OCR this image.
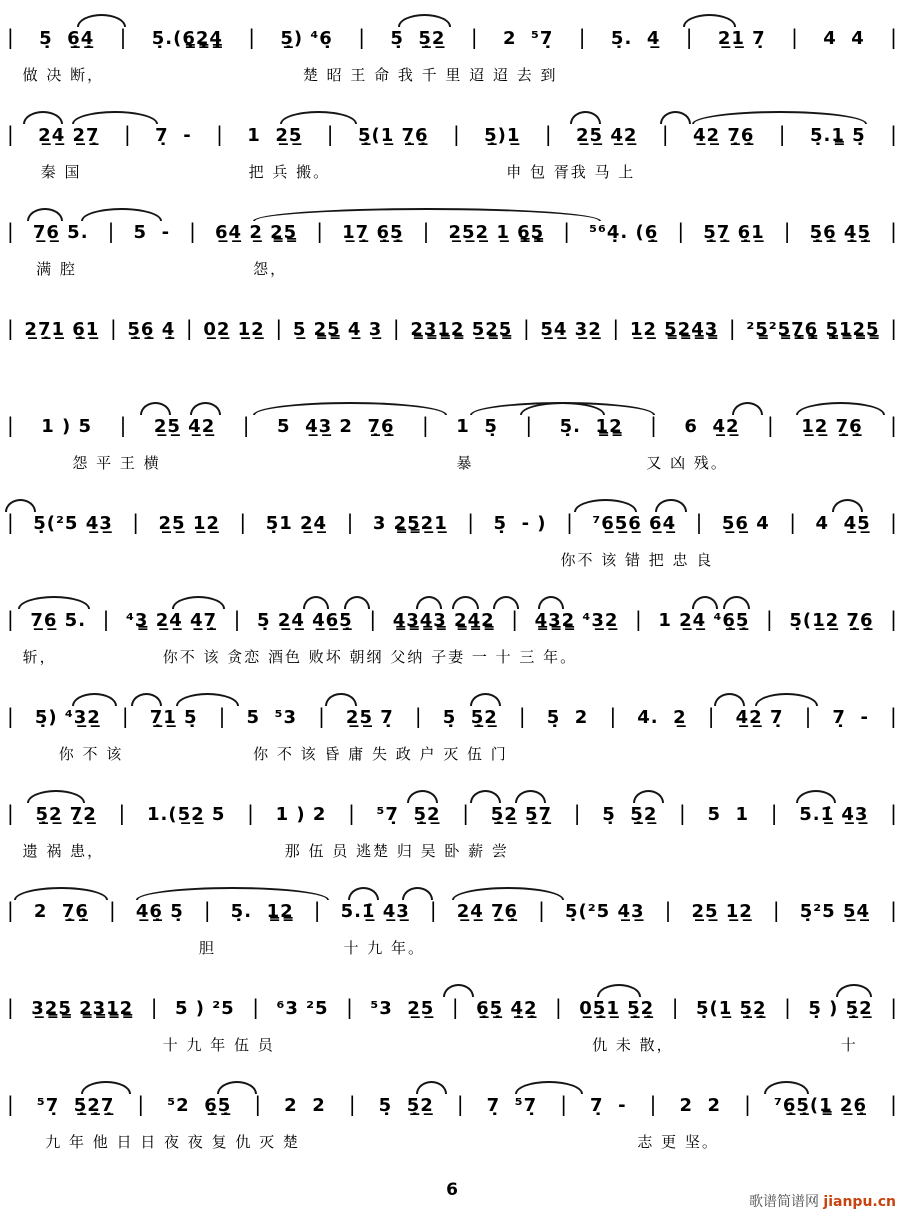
| 5̣  6̣̲4̣̲ | 5̣.(6̣̳2̣̳4̣̳ | 5̣̲) ⁴6̣ | 5̣  5̣̲2̲ | 2  ⁵7̣ | 5̣.  4̲ | 2̲1̲ 7̣ | 4  4 |
做 决 断，	楚 昭 王 命 我 千 里 迢 迢 去 到
| 2̲4̲ 2̲7̣̲ | 7̣  - | 1  2̲5̲ | 5̣̲(1̲ 7̣̲6̣̲ | 5̣̲)1̲ | 2̲5̲ 4̲2̲ | 4̲2̲ 7̣̲6̣̲ | 5̣.1̳ 5̣ |
秦 国	把 兵 搬。	申 包 胥我 马 上
| 7̲6̲ 5. | 5  - | 6̲4̲ 2̲ 2̳5̳ | 1̲7̣̲ 6̣̲5̣̲ | 2̲5̲2̲ 1̲ 6̣̳5̣̳ | ⁵⁶4̣. (6̣̲ | 5̣̲7̣̲ 6̣̲1̲ | 5̣̲6̣̲ 4̣̲5̣̲ |
满 腔	怨，
| 2̲7̣̲1̲ 6̣̲1̲ | 5̣̲6̣̲ 4̣̲ | 0̲2̲ 1̲2̲ | 5̲ 2̳5̳ 4̲ 3̲ | 2̳3̳1̳2̳ 5̲2̳5̳ | 5̲4̲ 3̲2̲ | 1̲2̲ 5̳2̳4̳3̳ | ²5̳²5̳7̣̳6̣̳ 5̣̳1̳2̳5̳ |
| 1 ) 5 | 2̲5̲ 4̲2̲ | 5  4̲3̲ 2  7̣̲6̣̲ | 1  5̣ | 5̣.  1̳2̳ | 6  4̲2̲ | 1̲2̲ 7̣̲6̣̲ |
怨 平 王 横	暴	又 凶 残。
| 5̣(²5 4̲3̲ | 2̲5̲ 1̲2̲ | 5̣1 2̲4̲ | 3 2̳5̳2̲1̲ | 5̣  - ) | ⁷6̲5̲6̲ 6̲4̲ | 5̲6̲ 4 | 4  4̲5̲ |
你不 该 错 把 忠 良
| 7̲6̲ 5. | ⁴3̳ 2̲4̲ 4̲7̣̲ | 5̣ 2̲4̲ 4̲6̲5̣̲ | 4̳3̳4̳3̳ 2̳4̳2̳ | 4̳3̳2̳ ⁴3̲2̲ | 1 2̲4̲ ⁴6̣̲5̣̲ | 5̣(1̲2̲ 7̣̲6̣̲ |
斩，	你不 该 贪恋 酒色 败坏 朝纲 父纳 子妻 一 十 三 年。
| 5̣) ⁴3̲2̲ | 7̣̲1̲ 5̣ | 5  ⁵3 | 2̲5̲ 7̣ | 5̣  5̣̲2̲ | 5̣  2 | 4.  2̲ | 4̲2̲ 7̣ | 7̣  - |
你 不 该	你 不 该 昏 庸 失 政 户 灭 伍 门
| 5̣̲2̲ 7̣̲2̲ | 1.(5̲2̲ 5 | 1 ) 2 | ⁵7̣  5̣̲2̲ | 5̣̲2̲ 5̣̲7̣̲ | 5̣  5̣̲2̲ | 5  1 | 5.1̲̇ 4̲3̲ |
遗 祸 患，	那 伍 员 逃楚 归 吴 卧 薪 尝
| 2  7̣̲6̣̲ | 4̲6̣̲ 5̣ | 5̣.  1̳2̳ | 5.1̲̇ 4̲3̲ | 2̲4̲ 7̣̲6̣̲ | 5̣(²5 4̲3̲ | 2̲5̲ 1̲2̲ | 5̣²5 5̲4̲ |
胆	十 九 年。
| 3̲2̳5̳ 2̳3̳1̳2̳ | 5 ) ²5 | ⁶3 ²5 | ⁵3  2̲5̲ | 6̣̲5̣̲ 4̣̲2̣̲ | 0̲5̣̲1̲ 5̣̲2̣̲ | 5̣(1̲ 5̣̲2̣̲ | 5̣ ) 5̣̲2̲ |
十 九 年 伍 员	仇 未 散，	十
| ⁵7̣  5̣̲2̣̲7̣̲ | ⁵2  6̣̲5̣̲ | 2  2 | 5̣  5̣̲2̲ | 7̣  ⁵7̣ | 7̣  - | 2  2 | ⁷6̣̲5̣̲(1̳ 2̲6̣̲ |
九 年 他 日 日 夜 夜 复 仇 灭 楚	志 更 坚。
6
歌谱简谱网 jianpu.cn
